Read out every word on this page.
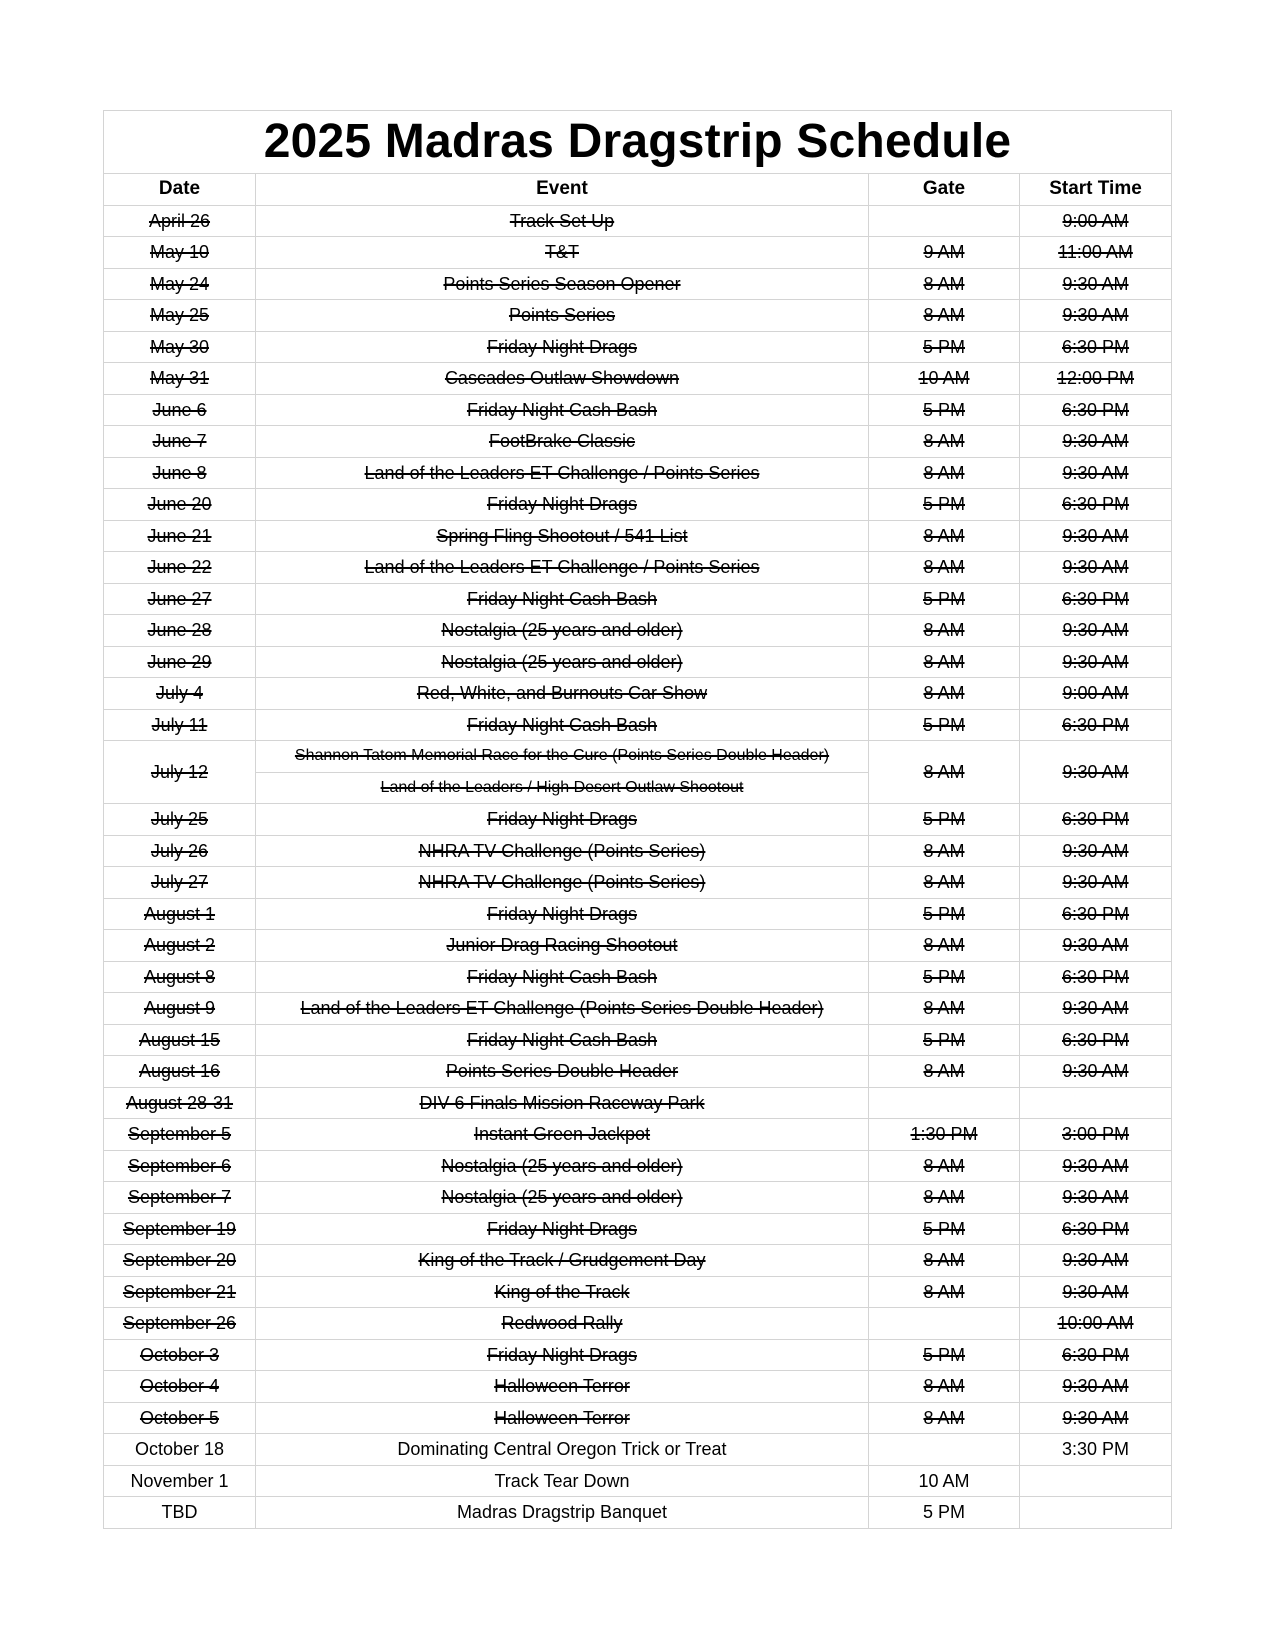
2025 Madras Dragstrip Schedule			
Date	Event	Gate	Start Time
April 26	Track Set Up		9:00 AM
May 10	T&T	9 AM	11:00 AM
May 24	Points Series Season Opener	8 AM	9:30 AM
May 25	Points Series	8 AM	9:30 AM
May 30	Friday Night Drags	5 PM	6:30 PM
May 31	Cascades Outlaw Showdown	10 AM	12:00 PM
June 6	Friday Night Cash Bash	5 PM	6:30 PM
June 7	FootBrake Classic	8 AM	9:30 AM
June 8	Land of the Leaders ET Challenge / Points Series	8 AM	9:30 AM
June 20	Friday Night Drags	5 PM	6:30 PM
June 21	Spring Fling Shootout / 541 List	8 AM	9:30 AM
June 22	Land of the Leaders ET Challenge / Points Series	8 AM	9:30 AM
June 27	Friday Night Cash Bash	5 PM	6:30 PM
June 28	Nostalgia (25 years and older)	8 AM	9:30 AM
June 29	Nostalgia (25 years and older)	8 AM	9:30 AM
July 4	Red, White, and Burnouts Car Show	8 AM	9:00 AM
July 11	Friday Night Cash Bash	5 PM	6:30 PM
July 12	Shannon Tatom Memorial Race for the Cure (Points Series Double Header)	8 AM	9:30 AM
	Land of the Leaders / High Desert Outlaw Shootout		
July 25	Friday Night Drags	5 PM	6:30 PM
July 26	NHRA TV Challenge (Points Series)	8 AM	9:30 AM
July 27	NHRA TV Challenge (Points Series)	8 AM	9:30 AM
August 1	Friday Night Drags	5 PM	6:30 PM
August 2	Junior Drag Racing Shootout	8 AM	9:30 AM
August 8	Friday Night Cash Bash	5 PM	6:30 PM
August 9	Land of the Leaders ET Challenge (Points Series Double Header)	8 AM	9:30 AM
August 15	Friday Night Cash Bash	5 PM	6:30 PM
August 16	Points Series Double Header	8 AM	9:30 AM
August 28-31	DIV 6 Finals Mission Raceway Park		
September 5	Instant Green Jackpot	1:30 PM	3:00 PM
September 6	Nostalgia (25 years and older)	8 AM	9:30 AM
September 7	Nostalgia (25 years and older)	8 AM	9:30 AM
September 19	Friday Night Drags	5 PM	6:30 PM
September 20	King of the Track / Grudgement Day	8 AM	9:30 AM
September 21	King of the Track	8 AM	9:30 AM
September 26	Redwood Rally		10:00 AM
October 3	Friday Night Drags	5 PM	6:30 PM
October 4	Halloween Terror	8 AM	9:30 AM
October 5	Halloween Terror	8 AM	9:30 AM
October 18	Dominating Central Oregon Trick or Treat		3:30 PM
November 1	Track Tear Down	10 AM	
TBD	Madras Dragstrip Banquet	5 PM	
